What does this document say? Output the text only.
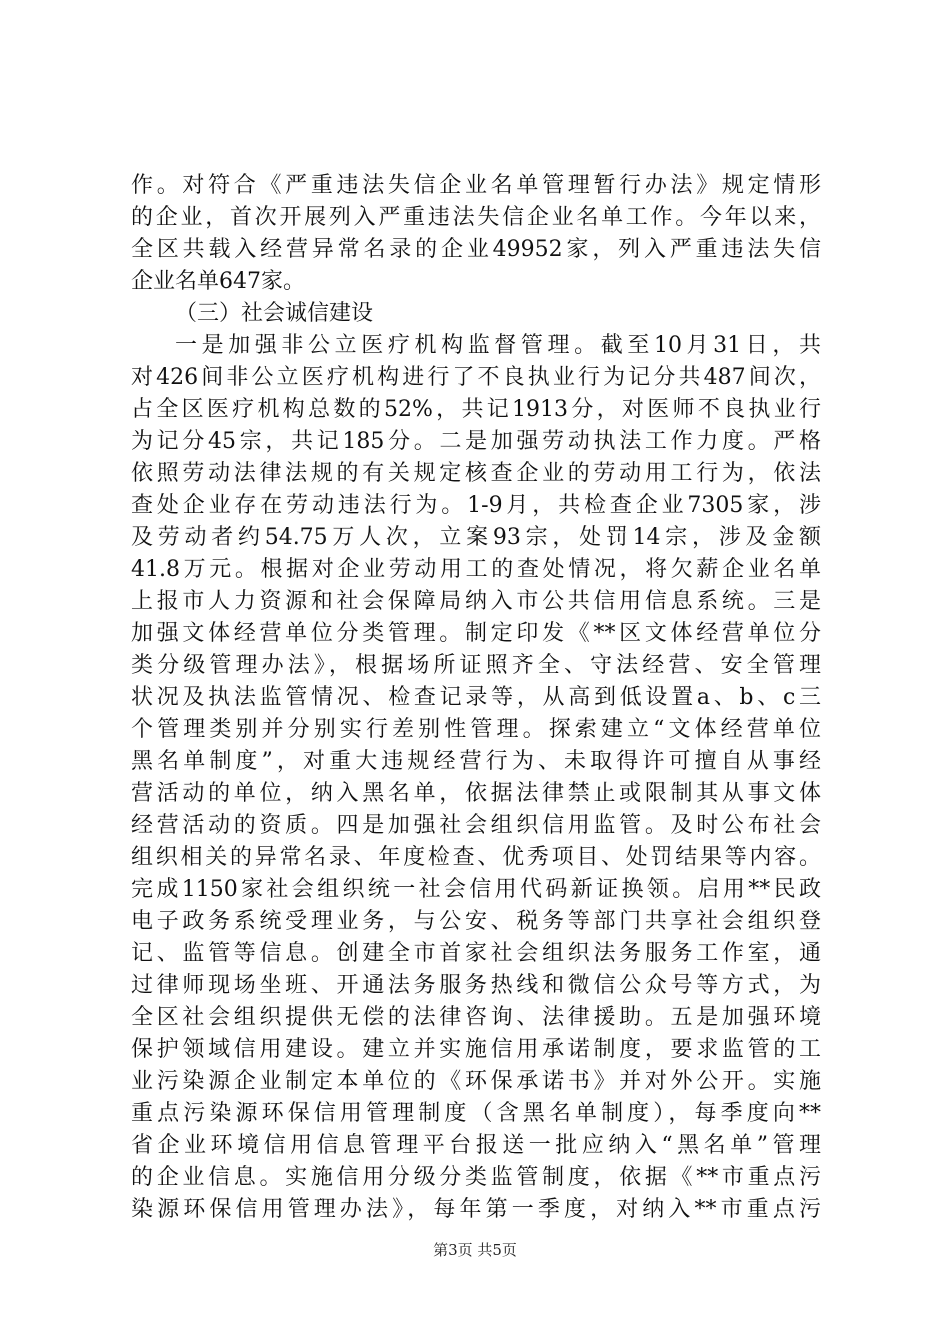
作。对符合《严重违法失信企业名单管理暂行办法》规定情形
的企业，首次开展列入严重违法失信企业名单工作。今年以来，
全区共载入经营异常名录的企业49952家，列入严重违法失信
企业名单647家。
（三）社会诚信建设
一是加强非公立医疗机构监督管理。截至10月31日，共
对426间非公立医疗机构进行了不良执业行为记分共487间次，
占全区医疗机构总数的52%，共记1913分，对医师不良执业行
为记分45宗，共记185分。二是加强劳动执法工作力度。严格
依照劳动法律法规的有关规定核查企业的劳动用工行为，依法
查处企业存在劳动违法行为。1-9月，共检查企业7305家，涉
及劳动者约54.75万人次，立案93宗，处罚14宗，涉及金额
41.8万元。根据对企业劳动用工的查处情况，将欠薪企业名单
上报市人力资源和社会保障局纳入市公共信用信息系统。三是
加强文体经营单位分类管理。制定印发《**区文体经营单位分
类分级管理办法》，根据场所证照齐全、守法经营、安全管理
状况及执法监管情况、检查记录等，从高到低设置a、b、c三
个管理类别并分别实行差别性管理。探索建立“文体经营单位
黑名单制度”，对重大违规经营行为、未取得许可擅自从事经
营活动的单位，纳入黑名单，依据法律禁止或限制其从事文体
经营活动的资质。四是加强社会组织信用监管。及时公布社会
组织相关的异常名录、年度检查、优秀项目、处罚结果等内容。
完成1150家社会组织统一社会信用代码新证换领。启用**民政
电子政务系统受理业务，与公安、税务等部门共享社会组织登
记、监管等信息。创建全市首家社会组织法务服务工作室，通
过律师现场坐班、开通法务服务热线和微信公众号等方式，为
全区社会组织提供无偿的法律咨询、法律援助。五是加强环境
保护领域信用建设。建立并实施信用承诺制度，要求监管的工
业污染源企业制定本单位的《环保承诺书》并对外公开。实施
重点污染源环保信用管理制度（含黑名单制度），每季度向**
省企业环境信用信息管理平台报送一批应纳入“黑名单”管理
的企业信息。实施信用分级分类监管制度，依据《**市重点污
染源环保信用管理办法》，每年第一季度，对纳入**市重点污
第3页 共5页
